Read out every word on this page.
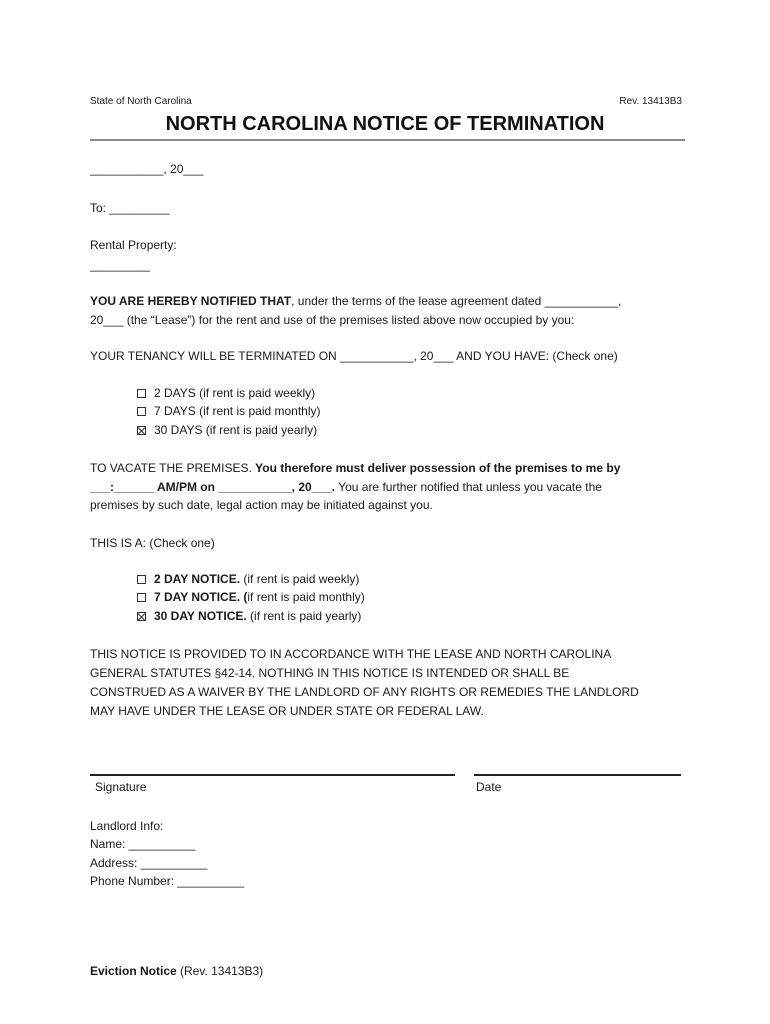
State of North Carolina	Rev. 13413B3
NORTH CAROLINA NOTICE OF TERMINATION
___________, 20___
To: _________
Rental Property:
_________
YOU ARE HEREBY NOTIFIED THAT, under the terms of the lease agreement dated ___________,
20___ (the “Lease”) for the rent and use of the premises listed above now occupied by you:
YOUR TENANCY WILL BE TERMINATED ON ___________, 20___ AND YOU HAVE: (Check one)
2 DAYS (if rent is paid weekly)
7 DAYS (if rent is paid monthly)
30 DAYS (if rent is paid yearly)
TO VACATE THE PREMISES. You therefore must deliver possession of the premises to me by
___:______ AM/PM on ___________, 20___. You are further notified that unless you vacate the
premises by such date, legal action may be initiated against you.
THIS IS A: (Check one)
2 DAY NOTICE. (if rent is paid weekly)
7 DAY NOTICE. (if rent is paid monthly)
30 DAY NOTICE. (if rent is paid yearly)
THIS NOTICE IS PROVIDED TO IN ACCORDANCE WITH THE LEASE AND NORTH CAROLINA
GENERAL STATUTES §42-14. NOTHING IN THIS NOTICE IS INTENDED OR SHALL BE
CONSTRUED AS A WAIVER BY THE LANDLORD OF ANY RIGHTS OR REMEDIES THE LANDLORD
MAY HAVE UNDER THE LEASE OR UNDER STATE OR FEDERAL LAW.
Signature	Date
Landlord Info:
Name: __________
Address: __________
Phone Number: __________
Eviction Notice (Rev. 13413B3)
